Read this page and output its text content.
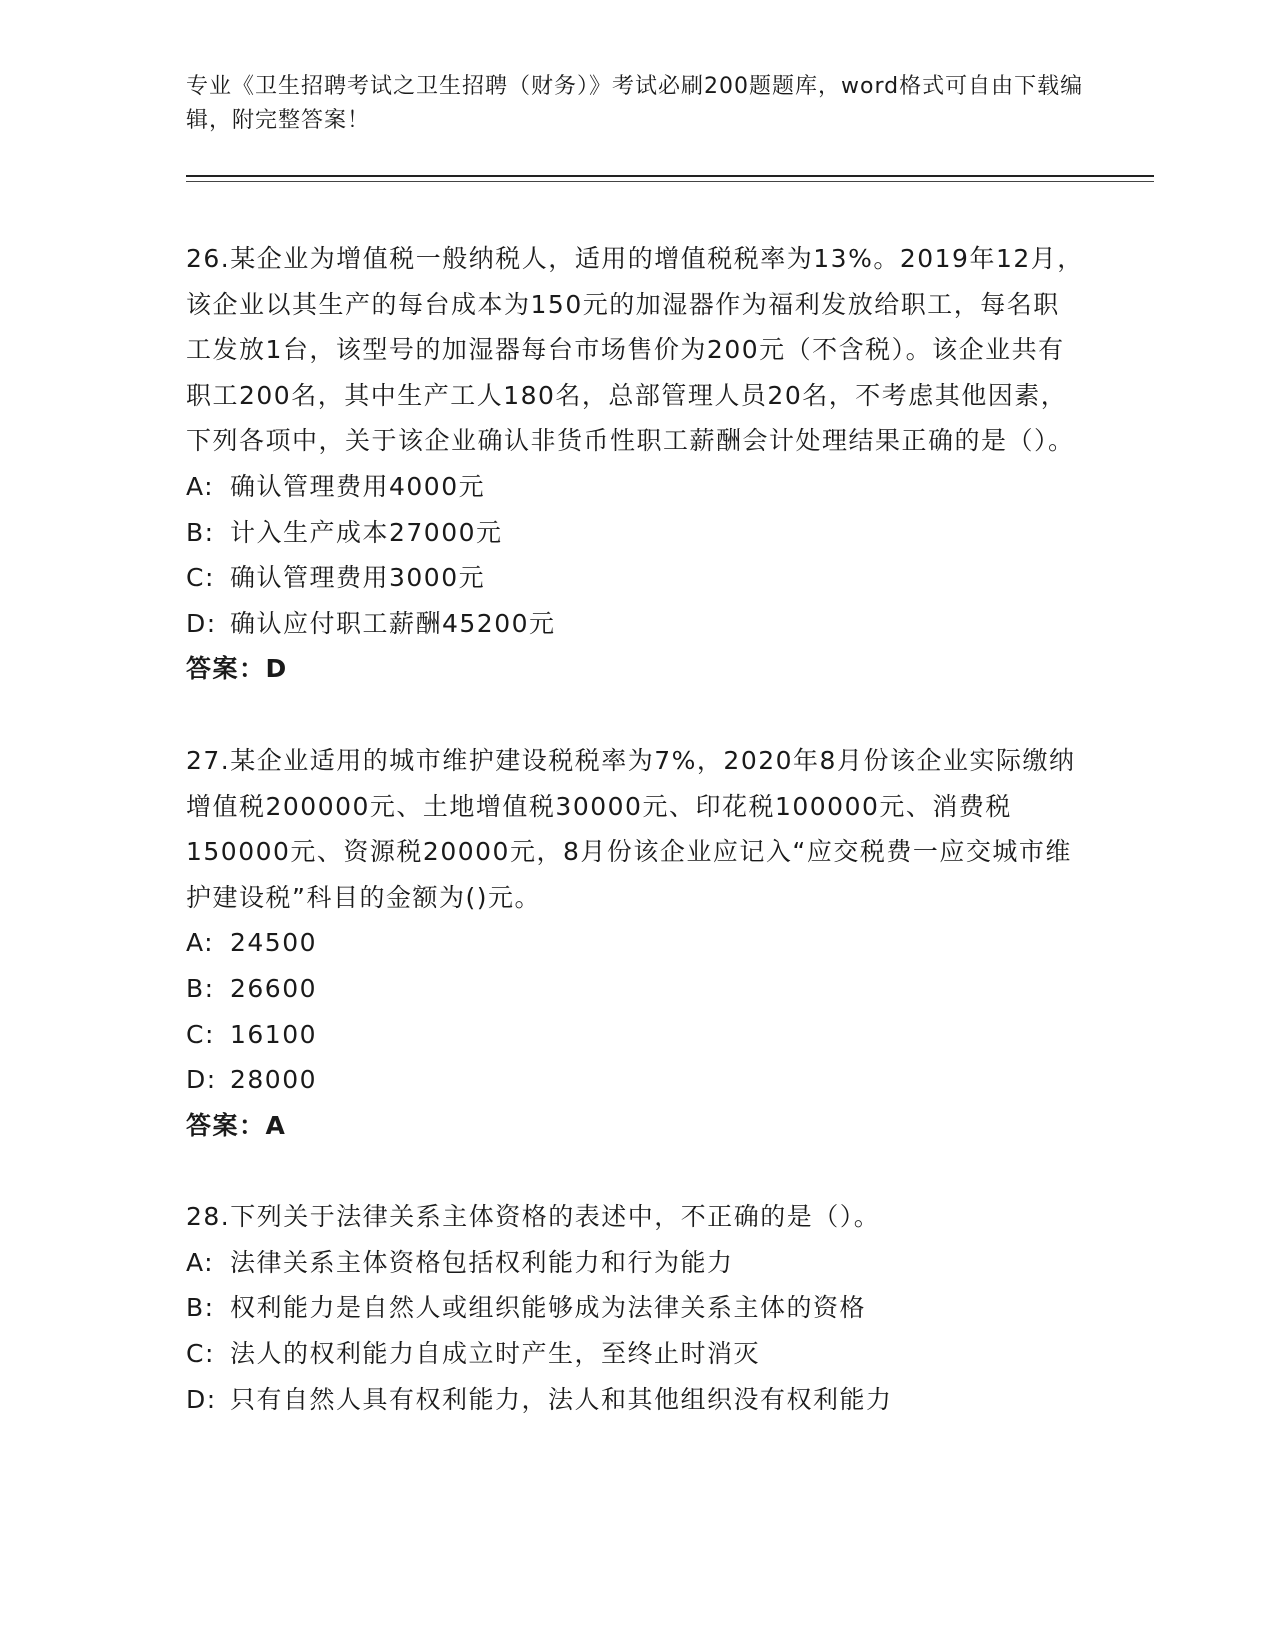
专业《卫生招聘考试之卫生招聘（财务）》考试必刷200题题库，word格式可自由下载编辑，附完整答案！
26.某企业为增值税一般纳税人，适用的增值税税率为13%。2019年12月，该企业以其生产的每台成本为150元的加湿器作为福利发放给职工，每名职工发放1台，该型号的加湿器每台市场售价为200元（不含税）。该企业共有职工200名，其中生产工人180名，总部管理人员20名，不考虑其他因素，下列各项中，关于该企业确认非货币性职工薪酬会计处理结果正确的是（）。
A: 确认管理费用4000元
B: 计入生产成本27000元
C: 确认管理费用3000元
D: 确认应付职工薪酬45200元
答案：D
27.某企业适用的城市维护建设税税率为7%，2020年8月份该企业实际缴纳增值税200000元、土地增值税30000元、印花税100000元、消费税150000元、资源税20000元，8月份该企业应记入“应交税费一应交城市维护建设税”科目的金额为()元。
A: 24500
B: 26600
C: 16100
D: 28000
答案：A
28.下列关于法律关系主体资格的表述中，不正确的是（）。
A: 法律关系主体资格包括权利能力和行为能力
B: 权利能力是自然人或组织能够成为法律关系主体的资格
C: 法人的权利能力自成立时产生，至终止时消灭
D: 只有自然人具有权利能力，法人和其他组织没有权利能力
